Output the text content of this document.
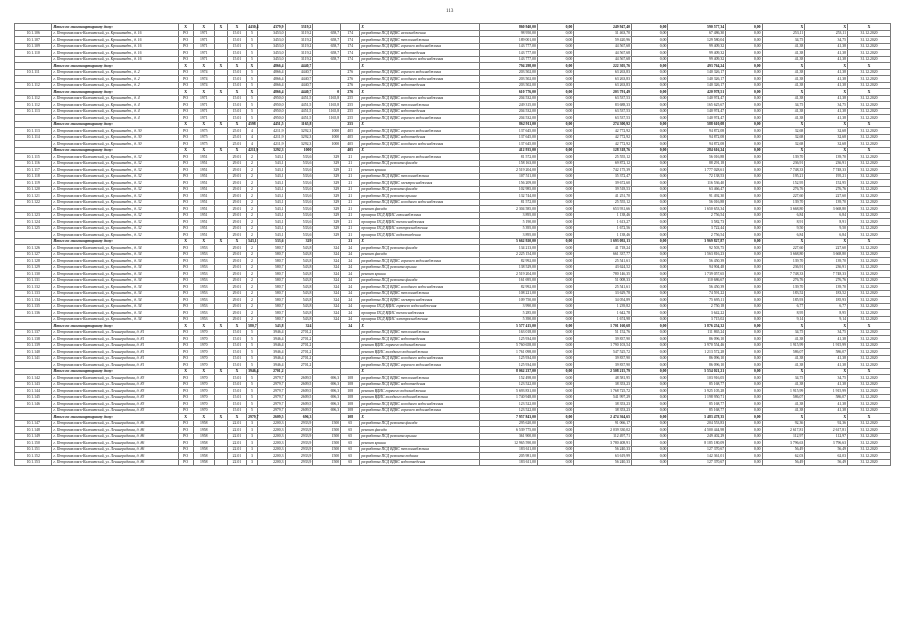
113
	Итого по многоквартирному дому:	X	X	X	X	4430,4	4379,9	3319,2			X	860 940,00	0,00	249 947,40	0,00	590 577,34	0,00	X	X	X
10.1.106	г. Петропавловск-Камчатский, ул. Кронштадт., д. 16	РО	1971		15.01	5	3453,0	3119,2	658,7	174	разработка ПСД ВДИС газоснабжения	98 950,00	0,00	31 463,70	0,00	67 486,30	0,00	253,11	253,11	31.12.2020
10.1.107	г. Петропавловск-Камчатский, ул. Кронштадт., д. 16	РО	1971		15.01	5	3453,0	3119,2	658,7	174	разработка ПСД ВДИС теплоснабжения	189 001,00	0,00	59 420,96	0,00	129 580,04	0,00	34,75	34,75	31.12.2020
10.1.109	г. Петропавловск-Камчатский, ул. Кронштадт., д. 16	РО	1971		15.01	5	3453,0	3119,2	658,7	174	разработка ПСД ВДИС горячего водоснабжения	143 777,00	0,00	44 567,68	0,00	99 409,32	0,00	41,38	41,38	31.12.2020
10.1.110	г. Петропавловск-Камчатский, ул. Кронштадт., д. 16	РО	1971		15.01	5	3453,0	3119,2	658,7	174	разработка ПСД ВДИС водоотведения	143 777,00	0,00	44 567,68	0,00	99 409,32	0,00	41,38	41,38	31.12.2020
	г. Петропавловск-Камчатский, ул. Кронштадт., д. 16	РО	1971		15.01	5	3453,0	3119,2	658,7	174	разработка ПСД ВДИС холодного водоснабжения	143 777,00	0,00	44 567,68	0,00	99 409,32	0,00	41,38	41,38	31.12.2020
	Итого по многоквартирному дому:	X	X	X	X	X	4866,4	4440,7			X	794 298,00	0,00	222 305,76	0,00	493 764,24	0,00	X	X	X
10.1.111	г. Петропавловск-Камчатский, ул. Кронштадт., д. 2	РО	1974		15.01	5	4866,4	4440,7		276	разработка ПСД ВДИС горячего водоснабжения	203 502,00	0,00	63 263,83	0,00	140 326,17	0,00	41,38	41,38	31.12.2020
	г. Петропавловск-Камчатский, ул. Кронштадт., д. 2	РО	1974		15.01	5	4866,4	4440,7		276	разработка ПСД ВДИС холодного водоснабжения	203 502,00	0,00	63 263,83	0,00	140 326,17	0,00	41,38	41,38	31.12.2020
10.1.112	г. Петропавловск-Камчатский, ул. Кронштадт., д. 2	РО	1974		15.01	5	4866,4	4440,7		276	разработка ПСД ВДИС водоотведения	203 502,00	0,00	63 263,83	0,00	140 326,17	0,00	41,38	41,38	31.12.2020
	Итого по многоквартирному дому:	X	X	X	X	X	4866,4	4440,7	0	276	X	610 776,00	0,00	203 791,49	0,00	420 978,51	0,00	X	X	X
10.1.112	г. Петропавловск-Камчатский, ул. Кронштадт., д. 4	РО	1971		15.01	5	4950,0	4451,5	1165,8	255	разработка ПСД ВДИС холодного водоснабжения	204 532,00	0,00	63 537,53	0,00	140 974,47	0,00	41,38	41,38	31.12.2020
10.1.112	г. Петропавловск-Камчатский, ул. Кронштадт., д. 4	РО	1971		15.01	5	4950,0	4451,5	1165,8	255	разработка ПСД ВДИС теплоснабжения	249 315,00	0,00	83 688,33	0,00	165 625,67	0,00	34,75	34,75	31.12.2020
10.1.113	г. Петропавловск-Камчатский, ул. Кронштадт., д. 4	РО	1971		15.01	5	4950,0	4451,5	1165,8	255	разработка ПСД ВДИС водоотведения	204 532,00	0,00	63 537,53	0,00	140 974,47	0,00	41,38	41,38	31.12.2020
	г. Петропавловск-Камчатский, ул. Кронштадт., д. 4	РО	1971		15.01	5	4950,0	4451,5	1165,8	255	разработка ПСД ВДИС горячего водоснабжения	204 532,00	0,00	63 537,53	0,00	140 974,47	0,00	41,38	41,38	31.12.2020
	Итого по многоквартирному дому:	X	X	X	X	4598	4451,5	1165,8		255	X	862 911,00	0,00	274 300,92	0,00	588 610,08	0,00	X	X	X
10.1.113	г. Петропавловск-Камчатский, ул. Кронштадт., д. 30	РО	1975		25.01	4	4211,9	3292,3	1000	405	разработка ПСД ВДИС горячего водоснабжения	137 645,00	0,00	42 772,92	0,00	94 872,08	0,00	32,68	32,68	31.12.2020
10.1.114	г. Петропавловск-Камчатский, ул. Кронштадт., д. 30	РО	1975		25.01	4	4211,9	3292,3	1000	405	разработка ПСД ВДИС водоотведения	137 645,00	0,00	42 772,92	0,00	94 872,08	0,00	32,68	32,68	31.12.2020
	г. Петропавловск-Камчатский, ул. Кронштадт., д. 30	РО	1975		25.01	4	4211,9	3292,3	1000	405	разработка ПСД ВДИС холодного водоснабжения	137 645,00	0,00	42 772,92	0,00	94 872,08	0,00	32,68	32,68	31.12.2020
	Итого по многоквартирному дому:	X	X	X	X	4211,9	3292,3	1000		405	X	412 935,00	0,00	128 318,76	0,00	284 616,24	0,00	X	X	X
10.1.115	г. Петропавловск-Камчатский, ул. Кронштадт., д. 32	РО	1951		29.01	2	543,1	533,6	329	21	разработка ПСД ВДИС горячего водоснабжения	81 572,00	0,00	25 555,12	0,00	56 016,88	0,00	139,70	139,70	31.12.2020
10.1.116	г. Петропавловск-Камчатский, ул. Кронштадт., д. 32	РО	1951		29.01	2	543,1	533,6	329	21	разработка ПСД ремонта фасада	158 163,00	0,00	69 872,12	0,00	88 291,18	0,00	236,91	236,91	31.12.2020
10.1.117	г. Петропавловск-Камчатский, ул. Кронштадт., д. 32	РО	1951		29.01	2	543,1	533,6	329	21	ремонт крыши	2 519 204,00	0,00	742 175,39	0,00	1 777 028,61	0,00	7 748,33	7 748,33	31.12.2020
10.1.118	г. Петропавловск-Камчатский, ул. Кронштадт., д. 32	РО	1951		29.01	2	543,1	533,6	329	21	разработка ПСД ВДИС теплоснабжения	107 511,00	0,00	35 372,47	0,00	72 138,53	0,00	195,21	195,21	31.12.2020
10.1.119	г. Петропавловск-Камчатский, ул. Кронштадт., д. 32	РО	1951		29.01	2	543,1	533,6	329	21	разработка ПСД ВДИС электроснабжения	156 209,00	0,00	39 672,60	0,00	116 536,40	0,00	152,95	152,95	31.12.2020
10.1.120	г. Петропавловск-Камчатский, ул. Кронштадт., д. 32	РО	1951		29.01	2	543,1	533,6	329	21	разработка ПСД ремонта фасада	102 985,00	0,00	39 518,53	0,00	63 466,47	0,00	276,76	276,76	31.12.2020
10.1.121	г. Петропавловск-Камчатский, ул. Кронштадт., д. 32	РО	1951		29.01	2	543,1	533,6	329	21	разработка ПСД ремонта крыши	132 744,00	0,00	41 251,70	0,00	91 492,30	0,00	227,60	227,60	31.12.2020
10.1.122	г. Петропавловск-Камчатский, ул. Кронштадт., д. 32	РО	1951		29.01	2	543,1	533,6	329	21	разработка ПСД ВДИС холодного водоснабжения	81 572,00	0,00	25 555,12	0,00	56 016,88	0,00	139,70	139,70	31.12.2020
	г. Петропавловск-Камчатский, ул. Кронштадт., д. 32	РО	1951		29.01	2	543,1	533,6	329	21	ремонт фасада	2 304 585,00	0,00	653 931,66	0,00	1 650 653,34	0,00	3 668,80	3 668,80	31.12.2020
10.1.123	г. Петропавловск-Камчатский, ул. Кронштадт., д. 32	РО	1951		29.01	2	543,1	533,6	329	21	проверка ПСД ВДИС газоснабжения	3 895,00	0,00	1 138,46	0,00	2 756,54	0,00	6,84	6,84	31.12.2020
10.1.124	г. Петропавловск-Камчатский, ул. Кронштадт., д. 32	РО	1951		29.01	2	543,1	533,6	329	21	проверка ПСД ВДИС теплоснабжения	5 190,00	0,00	1 613,27	0,00	3 582,73	0,00	8,91	8,91	31.12.2020
10.1.125	г. Петропавловск-Камчатский, ул. Кронштадт., д. 32	РО	1951		29.01	2	543,1	533,6	329	21	проверка ПСД ВДИС электроснабжения	5 395,00	0,00	1 672,56	0,00	3 722,44	0,00	9,50	9,50	31.12.2020
	г. Петропавловск-Камчатский, ул. Кронштадт., д. 32	РО	1951		29.01	2	543,1	533,6	329	21	проверка ПСД ВДИС водоотведения	3 895,00	0,00	1 138,46	0,00	2 756,54	0,00	6,84	6,84	31.12.2020
	Итого по многоквартирному дому:	X	X	X	X	543,1	533,6	329		21	X	5 662 920,00	0,00	1 693 092,13	0,00	3 969 827,87	0,00	X	X	X
10.1.126	г. Петропавловск-Камчатский, ул. Кронштадт., д. 34	РО	1953		29.01	2	580,7	543,8	324	24	разработка ПСД ремонта фасада	134 213,00	0,00	41 718,24	0,00	92 503,75	0,00	227,60	227,60	31.12.2020
10.1.127	г. Петропавловск-Камчатский, ул. Кронштадт., д. 34	РО	1953		29.01	2	580,7	543,8	324	24	ремонт фасада	2 225 154,00	0,00	661 337,77	0,00	1 563 816,23	0,00	3 668,80	3 668,80	31.12.2020
10.1.128	г. Петропавловск-Камчатский, ул. Кронштадт., д. 34	РО	1953		29.01	2	580,7	543,8	324	24	разработка ПСД ВДИС горячего водоснабжения	82 992,00	0,00	25 541,61	0,00	56 450,39	0,00	139,70	139,70	31.12.2020
10.1.129	г. Петропавловск-Камчатский, ул. Кронштадт., д. 34	РО	1953		29.01	2	580,7	543,8	324	24	разработка ПСД ремонта крыши	138 529,00	0,00	43 624,52	0,00	94 904,48	0,00	236,91	236,91	31.12.2020
10.1.130	г. Петропавловск-Камчатский, ул. Кронштадт., д. 34	РО	1953		29.01	2	580,7	543,8	324	24	ремонт крыши	2 519 204,00	0,00	780 146,35	0,00	1 739 057,65	0,00	7 748,33	7 748,33	31.12.2020
10.1.131	г. Петропавловск-Камчатский, ул. Кронштадт., д. 34	РО	1953		29.01	2	580,7	543,8	324	24	разработка ПСД ремонта фасада	161 695,00	0,00	51 008,33	0,00	110 686,67	0,00	276,76	276,76	31.12.2020
10.1.132	г. Петропавловск-Камчатский, ул. Кронштадт., д. 34	РО	1953		29.01	2	580,7	543,8	324	24	разработка ПСД ВДИС холодного водоснабжения	82 992,00	0,00	25 541,61	0,00	56 450,39	0,00	139,70	139,70	31.12.2020
10.1.133	г. Петропавловск-Камчатский, ул. Кронштадт., д. 34	РО	1953		29.01	2	580,7	543,8	324	24	разработка ПСД ВДИС теплоснабжения	108 221,00	0,00	33 629,78	0,00	74 591,22	0,00	183,52	183,52	31.12.2020
10.1.134	г. Петропавловск-Камчатский, ул. Кронштадт., д. 34	РО	1953		29.01	2	580,7	543,8	324	24	разработка ПСД ВДИС электроснабжения	109 750,00	0,00	34 054,89	0,00	75 695,11	0,00	185,93	185,93	31.12.2020
10.1.135	г. Петропавловск-Камчатский, ул. Кронштадт., д. 34	РО	1953		29.01	2	580,7	543,8	324	24	проверка ПСД ВДИС горячего водоснабжения	3 990,00	0,00	1 239,82	0,00	2 750,18	0,00	6,77	6,77	31.12.2020
10.1.136	г. Петропавловск-Камчатский, ул. Кронштадт., д. 34	РО	1953		29.01	2	580,7	543,8	324	24	проверка ПСД ВДИС теплоснабжения	5 285,00	0,00	1 642,78	0,00	3 642,22	0,00	8,95	8,95	31.12.2020
	г. Петропавловск-Камчатский, ул. Кронштадт., д. 34	РО	1953		29.01	2	580,7	543,8	324	24	проверка ПСД ВДИС электроснабжения	5 390,00	0,00	1 674,98	0,00	3 715,02	0,00	9,14	9,14	31.12.2020
	Итого по многоквартирному дому:	X	X	X	X	580,7	543,8	324		24	X	5 577 415,00	0,00	1 701 160,68	0,00	3 876 254,32	0,00	X	X	X
10.1.137	г. Петропавловск-Камчатский, ул. Ленинградская, д. 81	РО	1970		15.01	5	3946,4	2701,2			разработка ПСД ВДИС теплоснабжения	163 018,00	0,00	51 152,76	0,00	111 865,24	0,00	34,75	34,75	31.12.2020
10.1.138	г. Петропавловск-Камчатский, ул. Ленинградская, д. 81	РО	1970		15.01	5	3946,4	2701,2			разработка ПСД ВДИС водоотведения	125 934,00	0,00	39 837,90	0,00	86 096,10	0,00	41,38	41,38	31.12.2020
10.1.139	г. Петропавловск-Камчатский, ул. Ленинградская, д. 81	РО	1970		15.01	5	3946,4	2701,2			ремонт ВДИС горячего водоснабжения	5 760 658,00	0,00	1 790 103,54	0,00	3 970 554,46	0,00	1 915,99	1 915,99	31.12.2020
10.1.140	г. Петропавловск-Камчатский, ул. Ленинградская, д. 81	РО	1970		15.01	5	3946,4	2701,2			ремонт ВДИС холодного водоснабжения	1 761 098,00	0,00	547 525,72	0,00	1 213 572,28	0,00	586,07	586,07	31.12.2020
10.1.141	г. Петропавловск-Камчатский, ул. Ленинградская, д. 81	РО	1970		15.01	5	3946,4	2701,2			разработка ПСД ВДИС холодного водоснабжения	125 934,00	0,00	39 837,90	0,00	86 096,10	0,00	41,38	41,38	31.12.2020
	г. Петропавловск-Камчатский, ул. Ленинградская, д. 81	РО	1970		15.01	5	3946,4	2701,2			разработка ПСД ВДИС горячего водоснабжения	125 934,00	0,00	39 837,90	0,00	86 096,10	0,00	41,38	41,38	31.12.2020
	Итого по многоквартирному дому:	X	X	X	X	3946,4	2701,2				X	8 062 237,00	0,00	2 508 215,79	0,00	5 554 021,21	0,00	X	X	X
10.1.142	г. Петропавловск-Камчатский, ул. Ленинградская, д. 83	РО	1970		15.01	5	2979,7	2609,5	696,3	108	разработка ПСД ВДИС теплоснабжения	152 498,00	0,00	48 581,95	0,00	103 916,05	0,00	34,75	34,75	31.12.2020
10.1.143	г. Петропавловск-Камчатский, ул. Ленинградская, д. 83	РО	1970		15.01	5	2979,7	2609,5	696,3	108	разработка ПСД ВДИС водоотведения	123 522,00	0,00	38 353,23	0,00	85 168,77	0,00	41,38	41,38	31.12.2020
10.1.144	г. Петропавловск-Камчатский, ул. Ленинградская, д. 83	РО	1970		15.01	5	2979,7	2609,5	696,3	108	ремонт ВДИС горячего водоснабжения	5 693 831,00	0,00	1 768 725,72	0,00	3 925 105,28	0,00	1 915,99	1 915,99	31.12.2020
10.1.145	г. Петропавловск-Камчатский, ул. Ленинградская, д. 83	РО	1970		15.01	5	2979,7	2609,5	696,3	108	ремонт ВДИС холодного водоснабжения	1 740 948,00	0,00	541 997,29	0,00	1 198 950,71	0,00	586,07	586,07	31.12.2020
10.1.146	г. Петропавловск-Камчатский, ул. Ленинградская, д. 83	РО	1970		15.01	5	2979,7	2609,5	696,3	108	разработка ПСД ВДИС холодного водоснабжения	123 522,00	0,00	38 353,23	0,00	85 168,77	0,00	41,38	41,38	31.12.2020
	г. Петропавловск-Камчатский, ул. Ленинградская, д. 83	РО	1970		15.01	5	2979,7	2609,5	696,3	108	разработка ПСД ВДИС горячего водоснабжения	123 522,00	0,00	38 353,23	0,00	85 168,77	0,00	41,38	41,38	31.12.2020
	Итого по многоквартирному дому:	X	X	X	X	2979,7	2609,5	696,3		108	X	7 957 843,00	0,00	2 474 364,65	0,00	5 483 478,35	0,00	X	X	X
10.1.147	г. Петропавловск-Камчатский, ул. Ленинградская, д. 86	РО	1958		22.01	3	2200,3	2933,9	1500	65	разработка ПСД ремонта фасада	295 620,00	0,00	91 066,17	0,00	204 553,83	0,00	92,36	92,36	31.12.2020
10.1.148	г. Петропавловск-Камчатский, ул. Ленинградская, д. 86	РО	1958		22.01	3	2200,3	2933,9	1500	65	ремонт фасада	6 539 775,00	0,00	2 039 330,02	0,00	4 500 444,98	0,00	2 617,81	2 617,81	31.12.2020
10.1.149	г. Петропавловск-Камчатский, ул. Ленинградская, д. 86	РО	1958		22.01	3	2200,3	2933,9	1500	65	разработка ПСД ремонта крыши	361 900,00	0,00	112 497,71	0,00	249 402,29	0,00	112,97	112,97	31.12.2020
10.1.150	г. Петропавловск-Камчатский, ул. Ленинградская, д. 86	РО	1958		22.01	3	2200,3	2933,9	1500	65	ремонт крыши	12 965 590,00	0,00	3 780 408,91	0,00	8 185 180,09	0,00	3 796,63	3 796,63	31.12.2020
10.1.151	г. Петропавловск-Камчатский, ул. Ленинградская, д. 86	РО	1958		22.01	3	2200,3	2933,9	1500	65	разработка ПСД ВДИС теплоснабжения	183 611,00	0,00	56 240,33	0,00	127 370,67	0,00	56,49	56,49	31.12.2020
10.1.152	г. Петропавловск-Камчатский, ул. Ленинградская, д. 86	РО	1958		22.01	3	2200,3	2933,9	1500	65	разработка ПСД ремонта подвала	205 981,00	0,00	63 619,99	0,00	142 361,01	0,00	62,03	62,03	31.12.2020
10.1.153	г. Петропавловск-Камчатский, ул. Ленинградская, д. 86	РО	1958		22.01	3	2200,3	2933,9	1500	65	разработка ПСД ВДИС водоотведения	183 611,00	0,00	56 240,33	0,00	127 370,67	0,00	56,49	56,49	31.12.2020
